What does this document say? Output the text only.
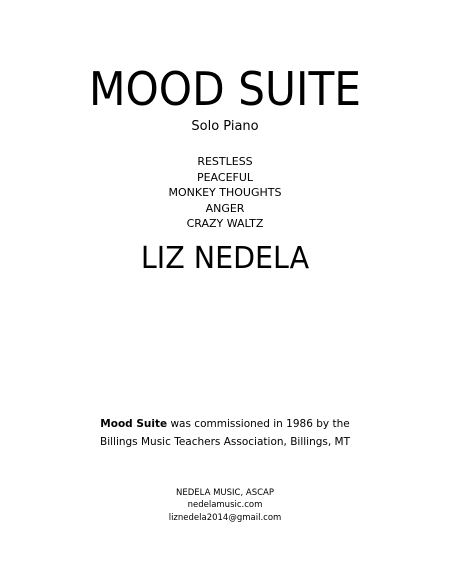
MOOD SUITE
Solo Piano
RESTLESS
PEACEFUL
MONKEY THOUGHTS
ANGER
CRAZY WALTZ
LIZ NEDELA
Mood Suite was commissioned in 1986 by the
Billings Music Teachers Association, Billings, MT
NEDELA MUSIC, ASCAP
nedelamusic.com
liznedela2014@gmail.com
